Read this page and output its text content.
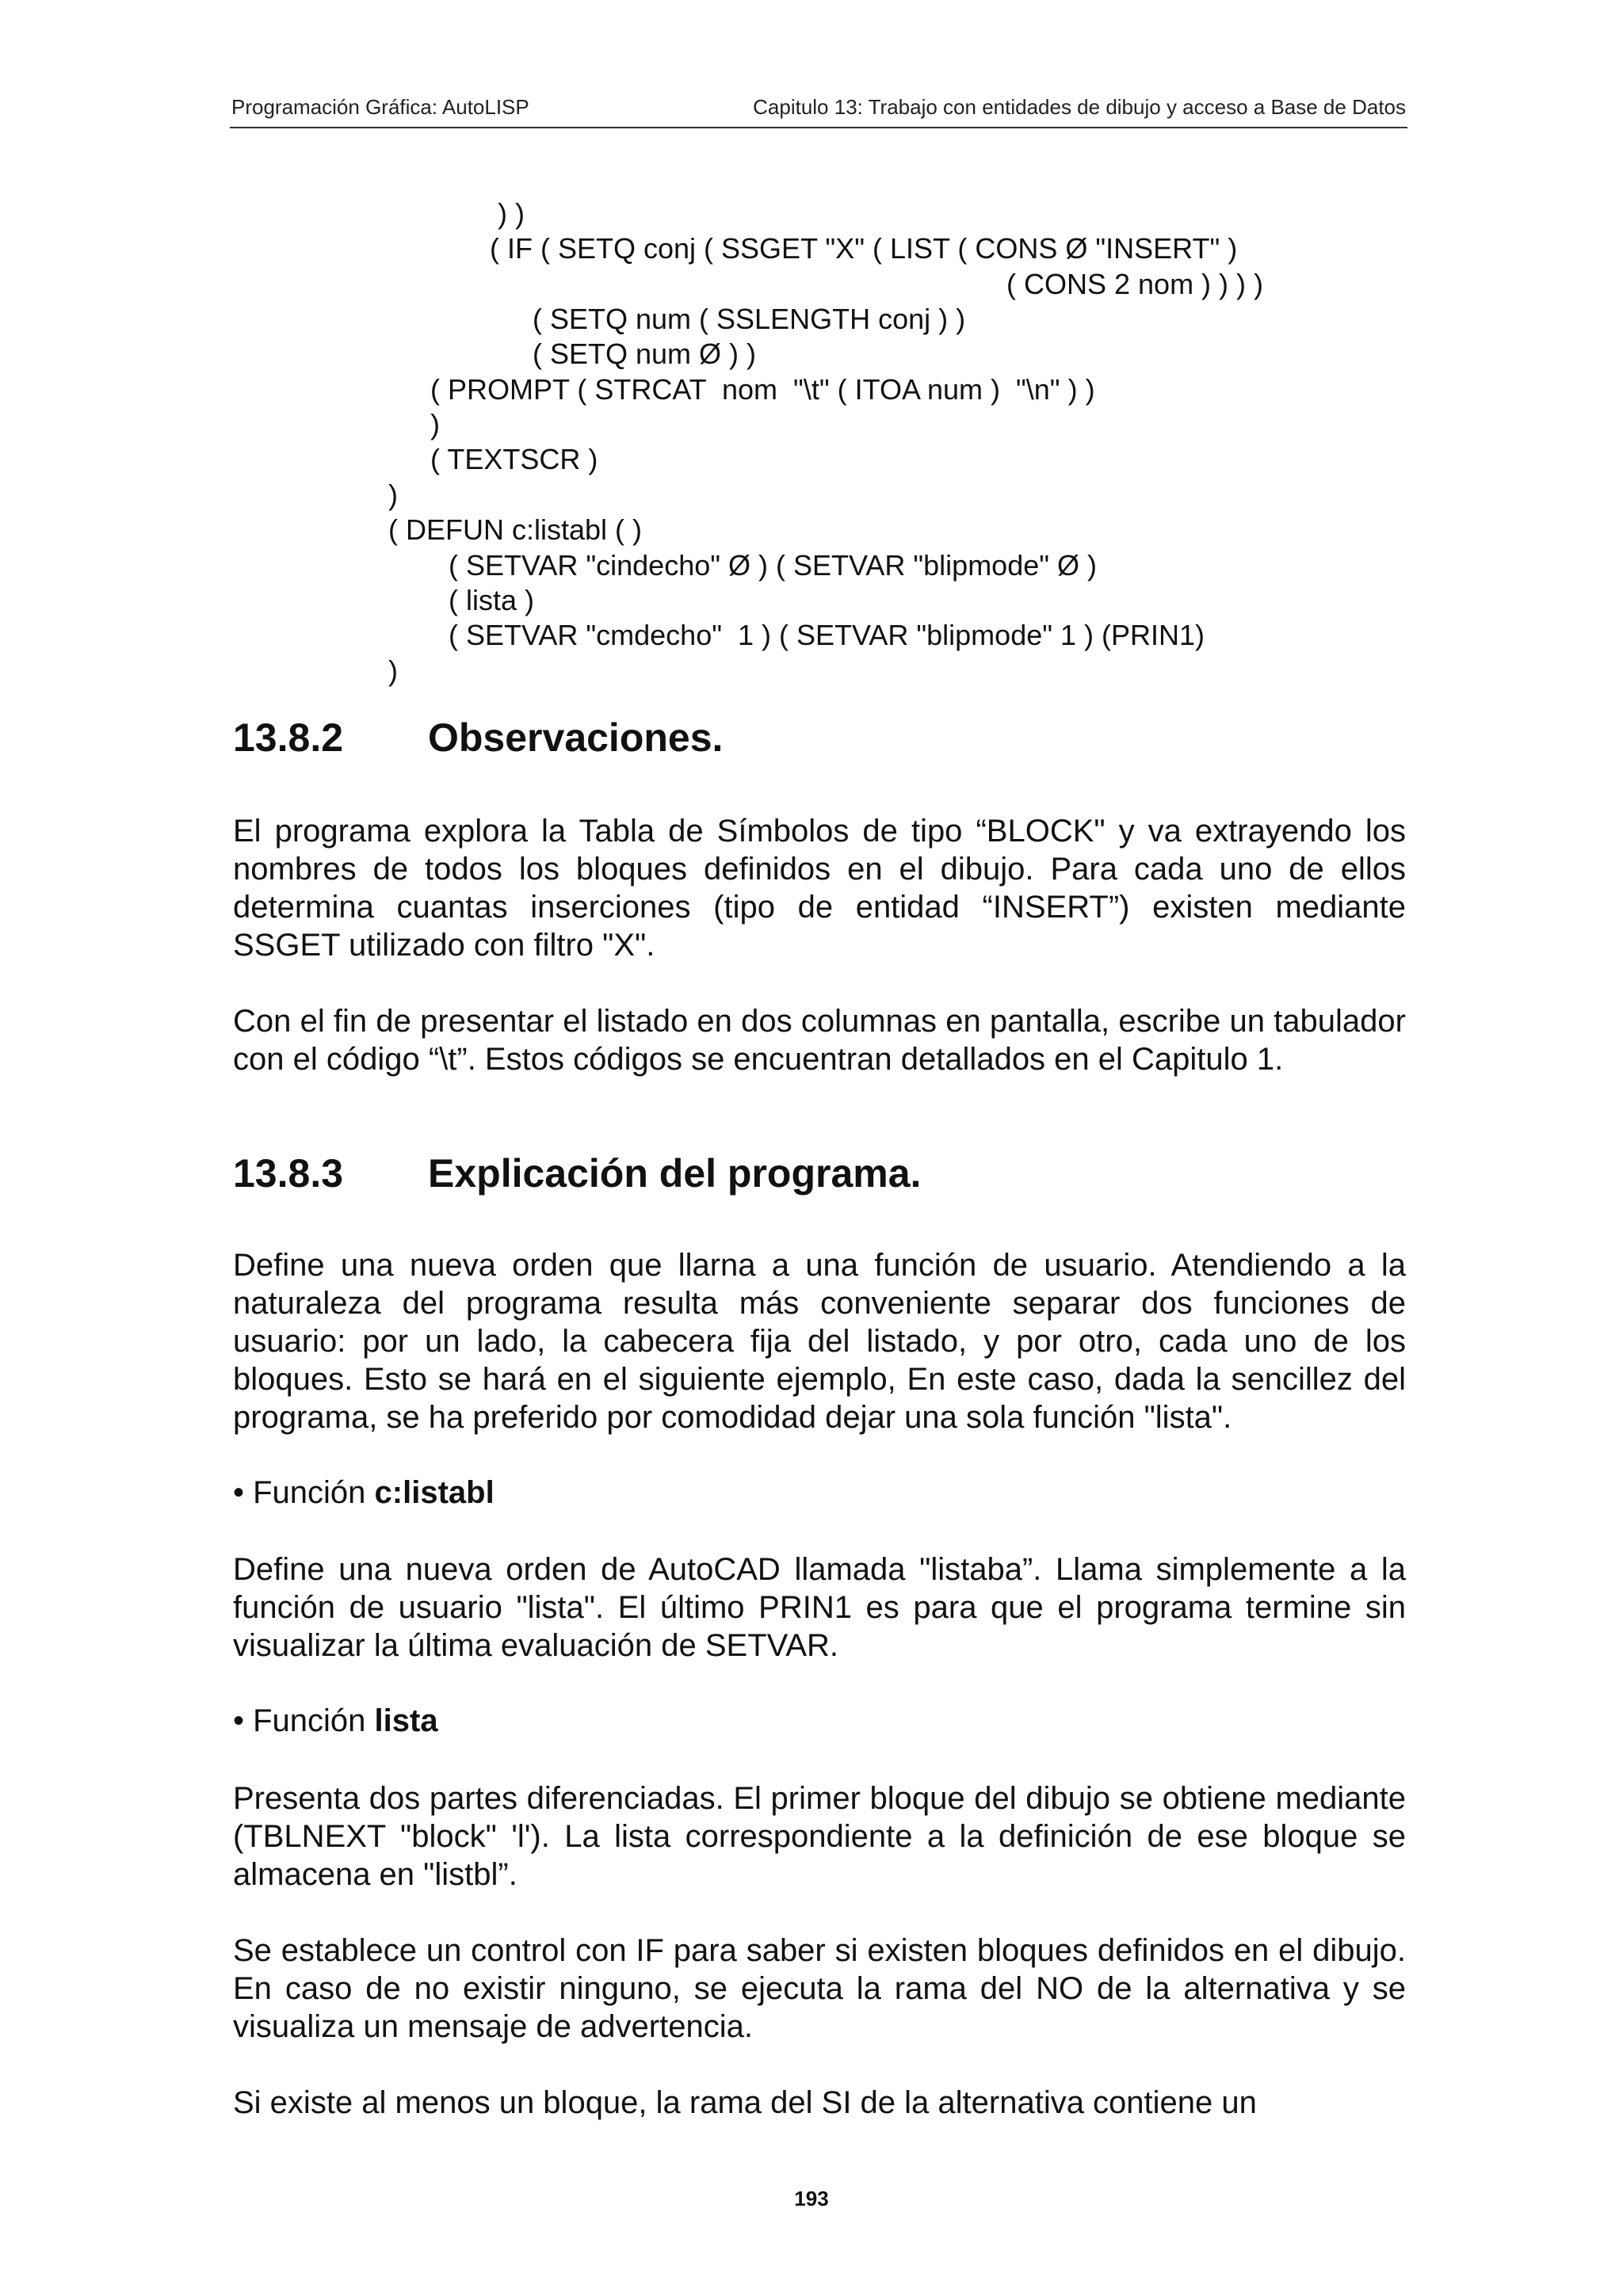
Programación Gráfica: AutoLISP	Capitulo 13: Trabajo con entidades de dibujo y acceso a Base de Datos
) )
( IF ( SETQ conj ( SSGET "X" ( LIST ( CONS Ø "INSERT" )
( CONS 2 nom ) ) ) )
( SETQ num ( SSLENGTH conj ) )
( SETQ num Ø ) )
( PROMPT ( STRCAT  nom  "\t" ( ITOA num )  "\n" ) )
)
( TEXTSCR )
)
( DEFUN c:listabl ( )
( SETVAR "cindecho" Ø ) ( SETVAR "blipmode" Ø )
( lista )
( SETVAR "cmdecho"  1 ) ( SETVAR "blipmode" 1 ) (PRIN1)
)
13.8.2 Observaciones.
El programa explora la Tabla de Símbolos de tipo “BLOCK" y va extrayendo los nombres de todos los bloques definidos en el dibujo. Para cada uno de ellos determina cuantas inserciones (tipo de entidad “INSERT”) existen mediante SSGET utilizado con filtro "X".
Con el fin de presentar el listado en dos columnas en pantalla, escribe un tabulador con el código “\t”. Estos códigos se encuentran detallados en el Capitulo 1.
13.8.3 Explicación del programa.
Define una nueva orden que llarna a una función de usuario. Atendiendo a la naturaleza del programa resulta más conveniente separar dos funciones de usuario: por un lado, la cabecera fija del listado, y por otro, cada uno de los bloques. Esto se hará en el siguiente ejemplo, En este caso, dada la sencillez del programa, se ha preferido por comodidad dejar una sola función "lista".
• Función c:listabl
Define una nueva orden de AutoCAD llamada "listaba”. Llama simplemente a la función de usuario "lista". El último PRIN1 es para que el programa termine sin visualizar la última evaluación de SETVAR.
• Función lista
Presenta dos partes diferenciadas. El primer bloque del dibujo se obtiene mediante (TBLNEXT "block" 'l'). La lista correspondiente a la definición de ese bloque se almacena en "listbl”.
Se establece un control con IF para saber si existen bloques definidos en el dibujo. En caso de no existir ninguno, se ejecuta la rama del NO de la alternativa y se visualiza un mensaje de advertencia.
Si existe al menos un bloque, la rama del SI de la alternativa contiene un
193
